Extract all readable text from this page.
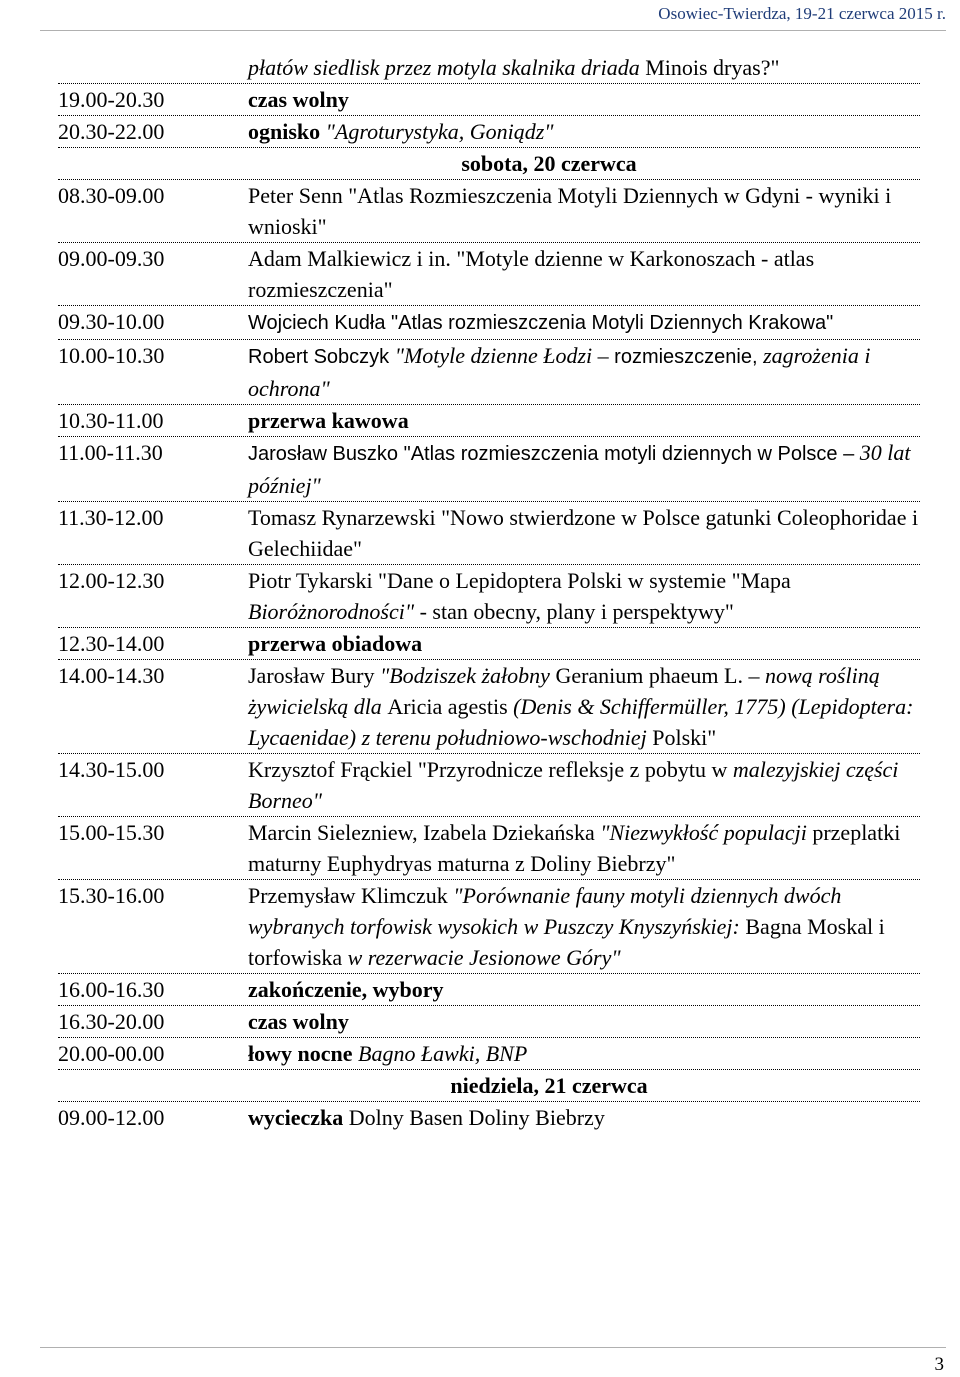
Osowiec-Twierdza, 19-21 czerwca 2015 r.
płatów siedlisk przez motyla skalnika driada Minois dryas?"
19.00-20.30	czas wolny
20.30-22.00	ognisko "Agroturystyka, Goniądz"
sobota, 20 czerwca
08.30-09.00	Peter Senn "Atlas Rozmieszczenia Motyli Dziennych w Gdyni - wyniki i wnioski"
09.00-09.30	Adam Malkiewicz i in. "Motyle dzienne w Karkonoszach - atlas rozmieszczenia"
09.30-10.00	Wojciech Kudła "Atlas rozmieszczenia Motyli Dziennych Krakowa"
10.00-10.30	Robert Sobczyk "Motyle dzienne Łodzi – rozmieszczenie, zagrożenia i ochrona"
10.30-11.00	przerwa kawowa
11.00-11.30	Jarosław Buszko "Atlas rozmieszczenia motyli dziennych w Polsce – 30 lat później"
11.30-12.00	Tomasz Rynarzewski "Nowo stwierdzone w Polsce gatunki Coleophoridae i Gelechiidae"
12.00-12.30	Piotr Tykarski "Dane o Lepidoptera Polski w systemie "Mapa Bioróżnorodności" - stan obecny, plany i perspektywy"
12.30-14.00	przerwa obiadowa
14.00-14.30	Jarosław Bury "Bodziszek żałobny Geranium phaeum L. – nową rośliną żywicielską dla Aricia agestis (Denis & Schiffermüller, 1775) (Lepidoptera: Lycaenidae) z terenu południowo-wschodniej Polski"
14.30-15.00	Krzysztof Frąckiel "Przyrodnicze refleksje z pobytu w malezyjskiej części Borneo"
15.00-15.30	Marcin Sielezniew, Izabela Dziekańska "Niezwykłość populacji przeplatki maturny Euphydryas maturna z Doliny Biebrzy"
15.30-16.00	Przemysław Klimczuk "Porównanie fauny motyli dziennych dwóch wybranych torfowisk wysokich w Puszczy Knyszyńskiej: Bagna Moskal i torfowiska w rezerwacie Jesionowe Góry"
16.00-16.30	zakończenie, wybory
16.30-20.00	czas wolny
20.00-00.00	łowy nocne Bagno Ławki, BNP
niedziela, 21 czerwca
09.00-12.00	wycieczka Dolny Basen Doliny Biebrzy
3
